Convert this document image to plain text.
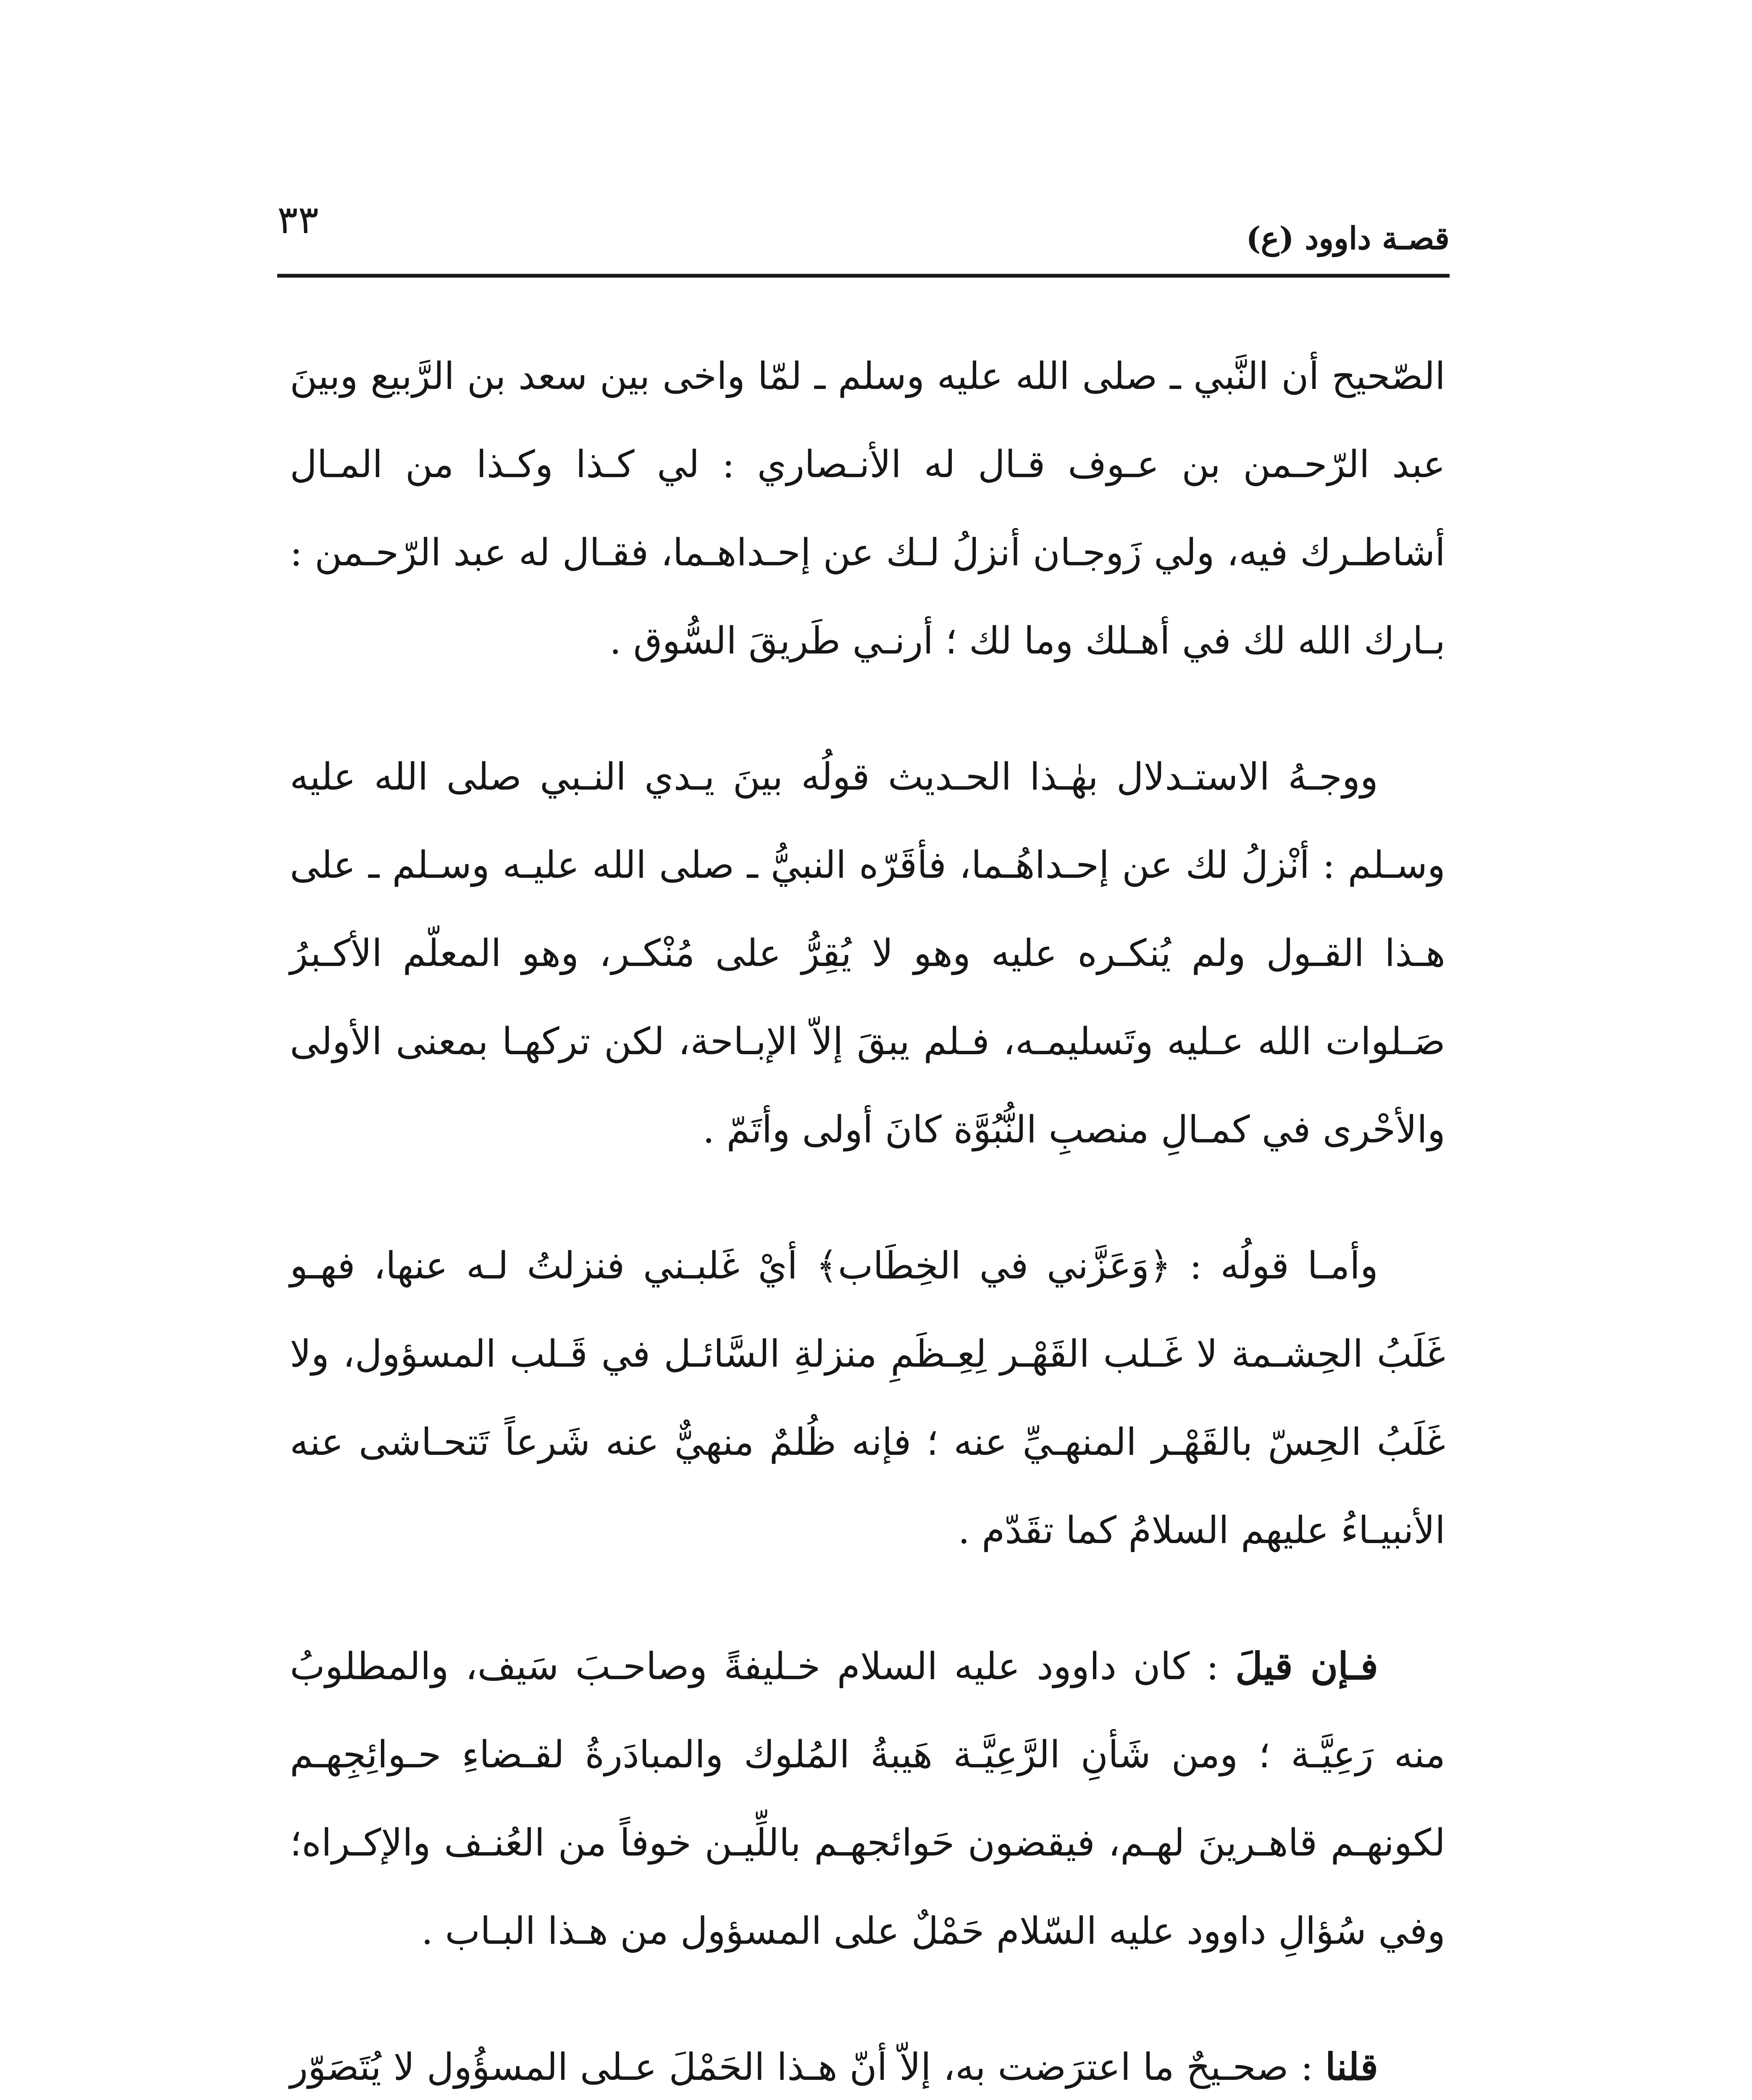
قصـة داوود (ع)
٣٣

الصّحيح أن النَّبي ـ صلى الله عليه وسلم ـ لمّا واخى بين سعد بن الرَّبيع وبينَ عبد الرّحـمن بن عـوف قـال له الأنـصاري : لي كـذا وكـذا من المـال أشاطـرك فيه، ولي زَوجـان أنزلُ لـك عن إحـداهـما، فقـال له عبد الرّحـمن : بـارك الله لك في أهـلك وما لك ؛ أرنـي طَريقَ السُّوق .

ووجـهُ الاستـدلال بهٰـذا الحـديث قولُه بينَ يـدي النـبي صلى الله عليه وسـلم : أنْزلُ لك عن إحـداهُـما، فأقَرّه النبيُّ ـ صلى الله عليـه وسـلم ـ على هـذا القـول ولم يُنكـره عليه وهو لا يُقِرُّ على مُنْكـر، وهو المعلّم الأكـبرُ صَـلوات الله عـليه وتَسليمـه، فـلم يبقَ إلاّ الإبـاحة، لكن تركهـا بمعنى الأولى والأحْرى في كمـالِ منصبِ النُّبُوَّة كانَ أولى وأتَمّ .

وأمـا قولُه : ﴿وَعَزَّني في الخِطَاب﴾ أيْ غَلبـني فنزلتُ لـه عنها، فهـو غَلَبُ الحِشـمة لا غَـلب القَهْـر لِعِـظَمِ منزلةِ السَّائـل في قَـلب المسؤول، ولا غَلَبُ الحِسّ بالقَهْـر المنهـيِّ عنه ؛ فإنه ظُلمٌ منهيٌّ عنه شَرعاً تَتحـاشى عنه الأنبيـاءُ عليهم السلامُ كما تقَدّم .

فـإن قيلَ : كان داوود عليه السلام خـليفةً وصاحـبَ سَيف، والمطلوبُ منه رَعِيَّـة ؛ ومن شَأنِ الرَّعِيَّـة هَيبةُ المُلوك والمبادَرةُ لقـضاءِ حـوائِجِهـم لكونهـم قاهـرينَ لهـم، فيقضون حَوائجهـم باللِّيـن خوفاً من العُنـف والإكـراه؛ وفي سُؤالِ داوود عليه السّلام حَمْلٌ على المسؤول من هـذا البـاب .

قلنا : صحـيحٌ ما اعترَضت به، إلاّ أنّ هـذا الحَمْلَ عـلى المسؤُول لا يُتَصَوّر
